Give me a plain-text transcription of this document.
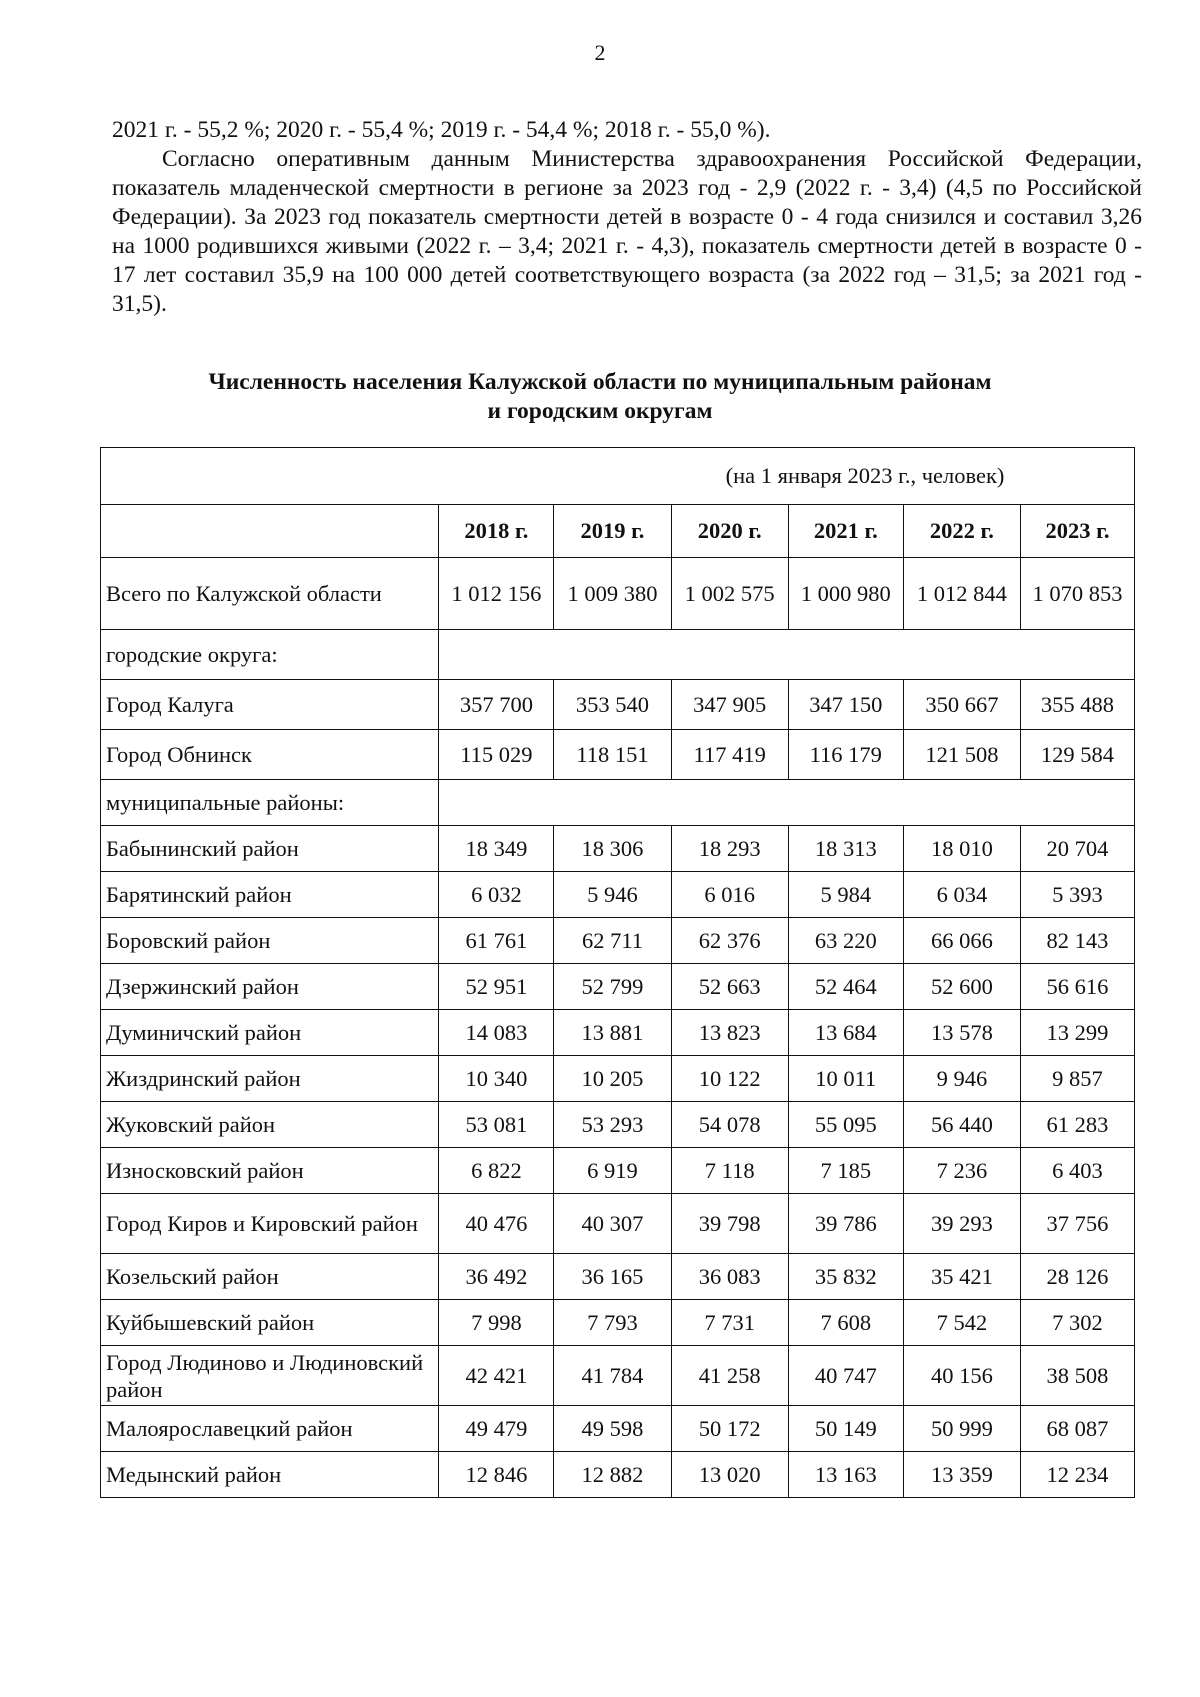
2

2021 г. - 55,2 %; 2020 г. - 55,4 %; 2019 г. - 54,4 %; 2018 г. - 55,0 %).

Согласно оперативным данным Министерства здравоохранения Российской Федерации, показатель младенческой смертности в регионе за 2023 год - 2,9 (2022 г. - 3,4) (4,5 по Российской Федерации). За 2023 год показатель смертности детей в возрасте 0 - 4 года снизился и составил 3,26 на 1000 родившихся живыми (2022 г. – 3,4; 2021 г. - 4,3), показатель смертности детей в возрасте 0 - 17 лет составил 35,9 на 100 000 детей соответствующего возраста (за 2022 год – 31,5; за 2021 год - 31,5).

Численность населения Калужской области по муниципальным районам
и городским округам
(на 1 января 2023 г., человек)						
	2018 г.	2019 г.	2020 г.	2021 г.	2022 г.	2023 г.
Всего по Калужской области	1 012 156	1 009 380	1 002 575	1 000 980	1 012 844	1 070 853
городские округа:						
Город Калуга	357 700	353 540	347 905	347 150	350 667	355 488
Город Обнинск	115 029	118 151	117 419	116 179	121 508	129 584
муниципальные районы:						
Бабынинский район	18 349	18 306	18 293	18 313	18 010	20 704
Барятинский район	6 032	5 946	6 016	5 984	6 034	5 393
Боровский район	61 761	62 711	62 376	63 220	66 066	82 143
Дзержинский район	52 951	52 799	52 663	52 464	52 600	56 616
Думиничский район	14 083	13 881	13 823	13 684	13 578	13 299
Жиздринский район	10 340	10 205	10 122	10 011	9 946	9 857
Жуковский район	53 081	53 293	54 078	55 095	56 440	61 283
Износковский район	6 822	6 919	7 118	7 185	7 236	6 403
Город Киров и Кировский район	40 476	40 307	39 798	39 786	39 293	37 756
Козельский район	36 492	36 165	36 083	35 832	35 421	28 126
Куйбышевский район	7 998	7 793	7 731	7 608	7 542	7 302
Город Людиново и Людиновский район	42 421	41 784	41 258	40 747	40 156	38 508
Малоярославецкий район	49 479	49 598	50 172	50 149	50 999	68 087
Медынский район	12 846	12 882	13 020	13 163	13 359	12 234
